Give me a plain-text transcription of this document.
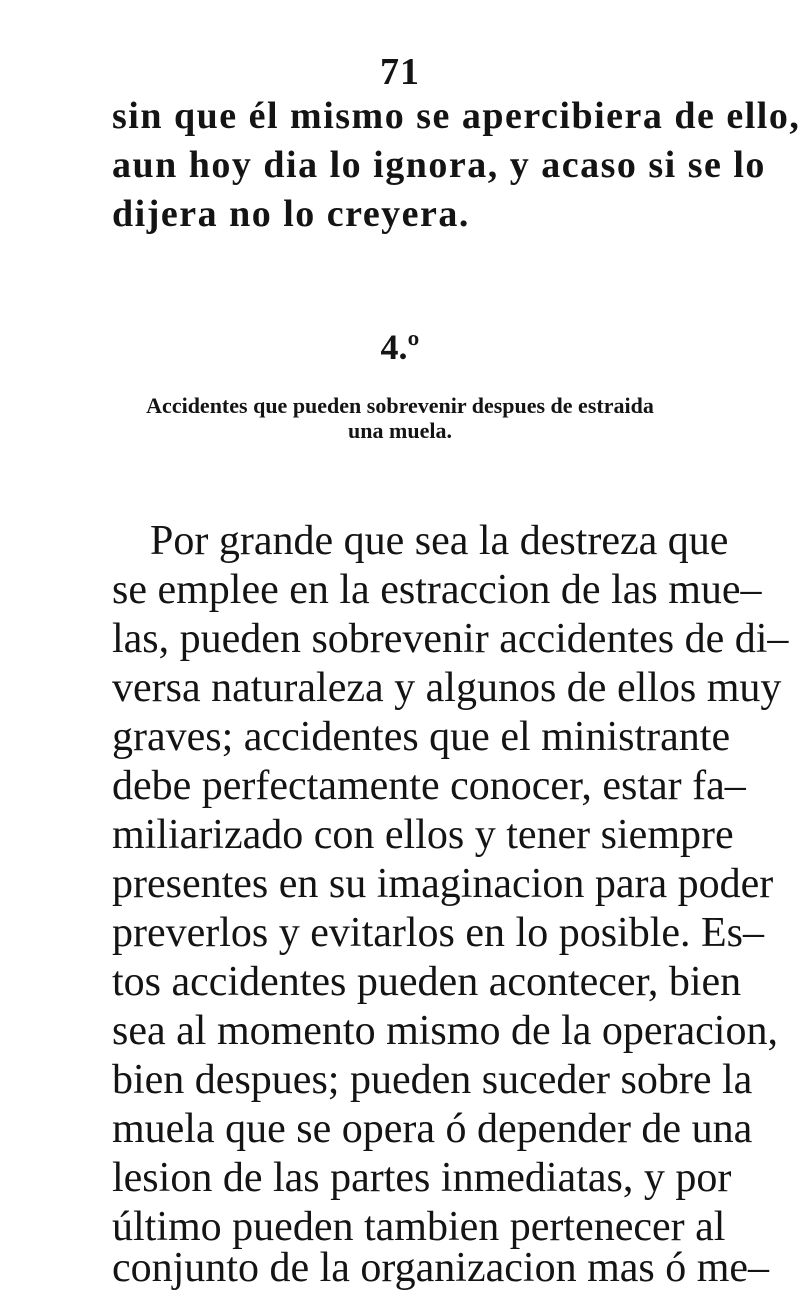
71
sin que él mismo se apercibiera de ello,
aun hoy dia lo ignora, y acaso si se lo
dijera no lo creyera.
4.º
Accidentes que pueden sobrevenir despues de estraida
una muela.
Por grande que sea la destreza que
se emplee en la estraccion de las mue–
las, pueden sobrevenir accidentes de di–
versa naturaleza y algunos de ellos muy
graves; accidentes que el ministrante
debe perfectamente conocer, estar fa–
miliarizado con ellos y tener siempre
presentes en su imaginacion para poder
preverlos y evitarlos en lo posible. Es–
tos accidentes pueden acontecer, bien
sea al momento mismo de la operacion,
bien despues; pueden suceder sobre la
muela que se opera ó depender de una
lesion de las partes inmediatas, y por
último pueden tambien pertenecer al
conjunto de la organizacion mas ó me–
